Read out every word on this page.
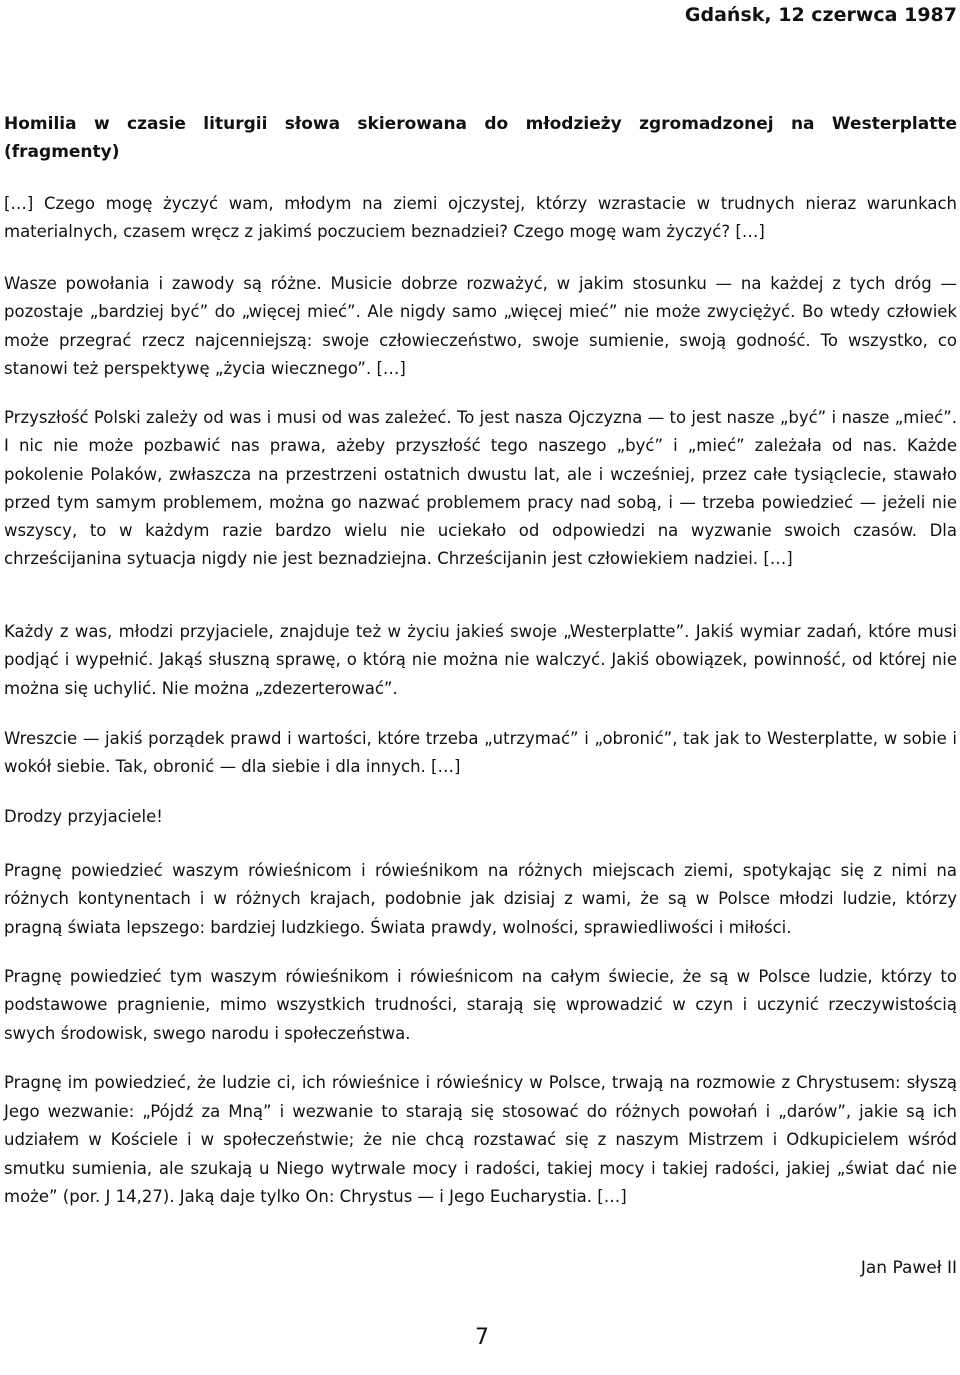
Gdańsk, 12 czerwca 1987
Homilia w czasie liturgii słowa skierowana do młodzieży zgromadzonej na Westerplatte (fragmenty)
[…] Czego mogę życzyć wam, młodym na ziemi ojczystej, którzy wzrastacie w trudnych nieraz warunkach materialnych, czasem wręcz z jakimś poczuciem beznadziei? Czego mogę wam życzyć? […]
Wasze powołania i zawody są różne. Musicie dobrze rozważyć, w jakim stosunku — na każdej z tych dróg — pozostaje „bardziej być” do „więcej mieć”. Ale nigdy samo „więcej mieć” nie może zwyciężyć. Bo wtedy człowiek może przegrać rzecz najcenniejszą: swoje człowieczeństwo, swoje sumienie, swoją godność. To wszystko, co stanowi też perspektywę „życia wiecznego”. […]
Przyszłość Polski zależy od was i musi od was zależeć. To jest nasza Ojczyzna — to jest nasze „być” i nasze „mieć”. I nic nie może pozbawić nas prawa, ażeby przyszłość tego naszego „być” i „mieć” zależała od nas. Każde pokolenie Polaków, zwłaszcza na przestrzeni ostatnich dwustu lat, ale i wcześniej, przez całe tysiąclecie, stawało przed tym samym problemem, można go nazwać problemem pracy nad sobą, i — trzeba powiedzieć — jeżeli nie wszyscy, to w każdym razie bardzo wielu nie uciekało od odpowiedzi na wyzwanie swoich czasów. Dla chrześcijanina sytuacja nigdy nie jest beznadziejna. Chrześcijanin jest człowiekiem nadziei. […]
Każdy z was, młodzi przyjaciele, znajduje też w życiu jakieś swoje „Westerplatte”. Jakiś wymiar zadań, które musi podjąć i wypełnić. Jakąś słuszną sprawę, o którą nie można nie walczyć. Jakiś obowiązek, powinność, od której nie można się uchylić. Nie można „zdezerterować”.
Wreszcie — jakiś porządek prawd i wartości, które trzeba „utrzymać” i „obronić”, tak jak to Westerplatte, w sobie i wokół siebie. Tak, obronić — dla siebie i dla innych. […]
Drodzy przyjaciele!
Pragnę powiedzieć waszym rówieśnicom i rówieśnikom na różnych miejscach ziemi, spotykając się z nimi na różnych kontynentach i w różnych krajach, podobnie jak dzisiaj z wami, że są w Polsce młodzi ludzie, którzy pragną świata lepszego: bardziej ludzkiego. Świata prawdy, wolności, sprawiedliwości i miłości.
Pragnę powiedzieć tym waszym rówieśnikom i rówieśnicom na całym świecie, że są w Polsce ludzie, którzy to podstawowe pragnienie, mimo wszystkich trudności, starają się wprowadzić w czyn i uczynić rzeczywistością swych środowisk, swego narodu i społeczeństwa.
Pragnę im powiedzieć, że ludzie ci, ich rówieśnice i rówieśnicy w Polsce, trwają na rozmowie z Chrystusem: słyszą Jego wezwanie: „Pójdź za Mną” i wezwanie to starają się stosować do różnych powołań i „darów”, jakie są ich udziałem w Kościele i w społeczeństwie; że nie chcą rozstawać się z naszym Mistrzem i Odkupicielem wśród smutku sumienia, ale szukają u Niego wytrwale mocy i radości, takiej mocy i takiej radości, jakiej „świat dać nie może” (por. J 14,27). Jaką daje tylko On: Chrystus — i Jego Eucharystia. […]
Jan Paweł II
7
